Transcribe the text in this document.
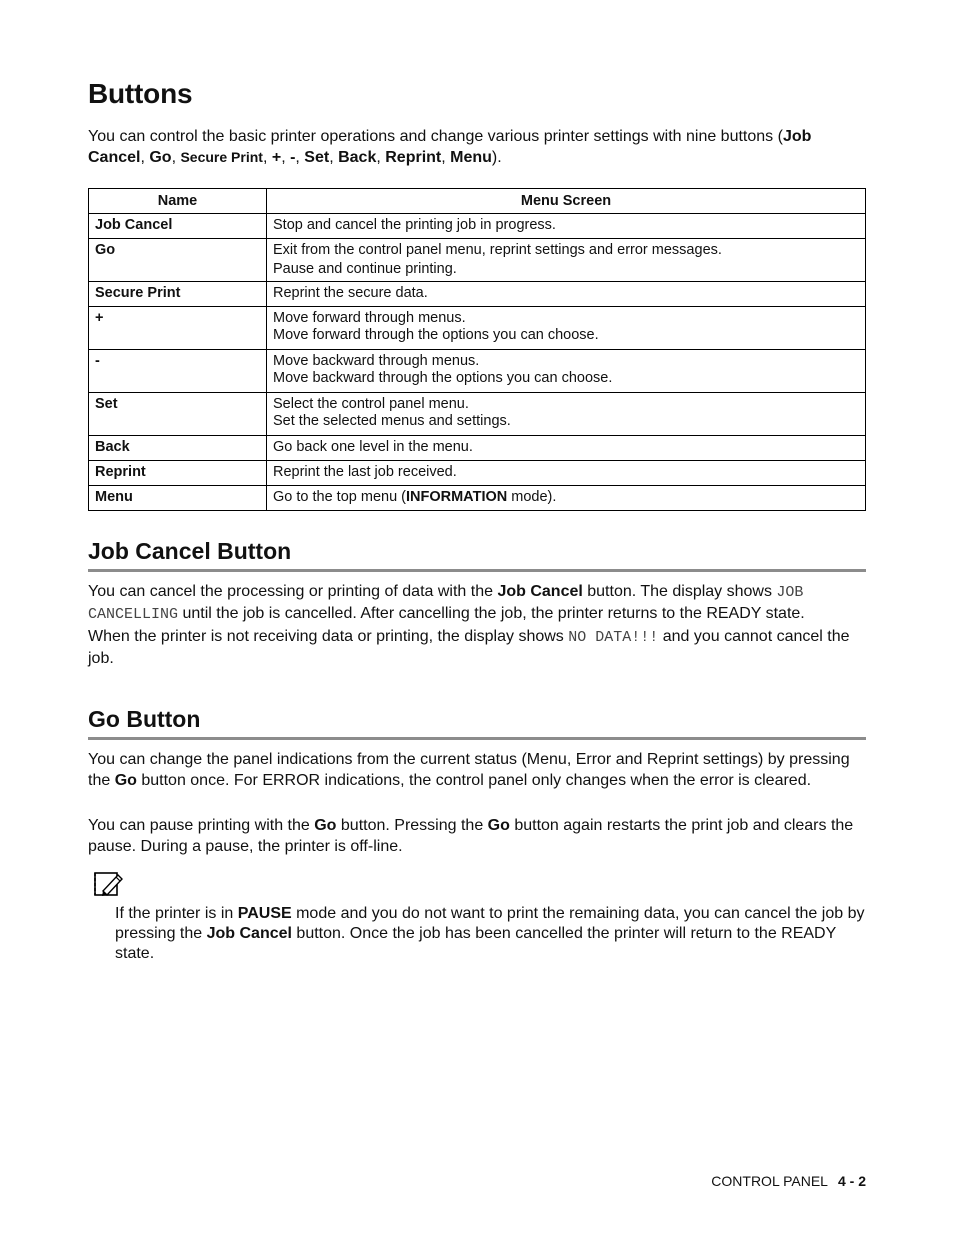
Buttons

You can control the basic printer operations and change various printer settings with nine buttons (Job Cancel, Go, Secure Print, +, -, Set, Back, Reprint, Menu).

Name	Menu Screen
Job Cancel	Stop and cancel the printing job in progress.

Go	Exit from the control panel menu, reprint settings and error messages.
Pause and continue printing.

Secure Print	Reprint the secure data.

+	Move forward through menus.
Move forward through the options you can choose.

-	Move backward through menus.
Move backward through the options you can choose.

Set	Select the control panel menu.
Set the selected menus and settings.

Back	Go back one level in the menu.

Reprint	Reprint the last job received.

Menu	Go to the top menu (INFORMATION mode).
Job Cancel Button

You can cancel the processing or printing of data with the Job Cancel button. The display shows JOB CANCELLING until the job is cancelled. After cancelling the job, the printer returns to the READY state.

When the printer is not receiving data or printing, the display shows NO DATA!!! and you cannot cancel the job.

Go Button

You can change the panel indications from the current status (Menu, Error and Reprint settings) by pressing the Go button once. For ERROR indications, the control panel only changes when the error is cleared.

You can pause printing with the Go button. Pressing the Go button again restarts the print job and clears the pause. During a pause, the printer is off-line.

If the printer is in PAUSE mode and you do not want to print the remaining data, you can cancel the job by pressing the Job Cancel button. Once the job has been cancelled the printer will return to the READY state.

CONTROL PANEL 4 - 2
